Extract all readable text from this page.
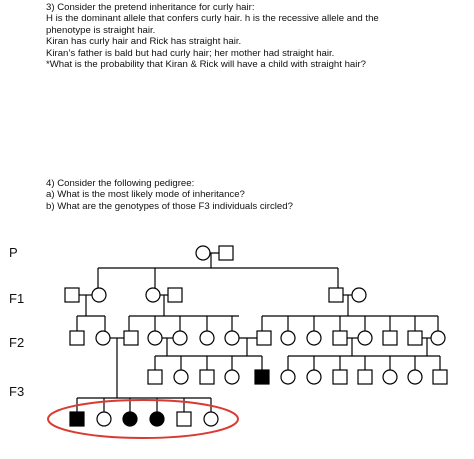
3) Consider the pretend inheritance for curly hair:

H is the dominant allele that confers curly hair. h is the recessive allele and the

phenotype is straight hair.

Kiran has curly hair and Rick has straight hair.

Kiran’s father is bald but had curly hair; her mother had straight hair.

*What is the probability that Kiran & Rick will have a child with straight hair?

4) Consider the following pedigree:

a) What is the most likely mode of inheritance?

b) What are the genotypes of those F3 individuals circled?

P
F1
F2
F3
